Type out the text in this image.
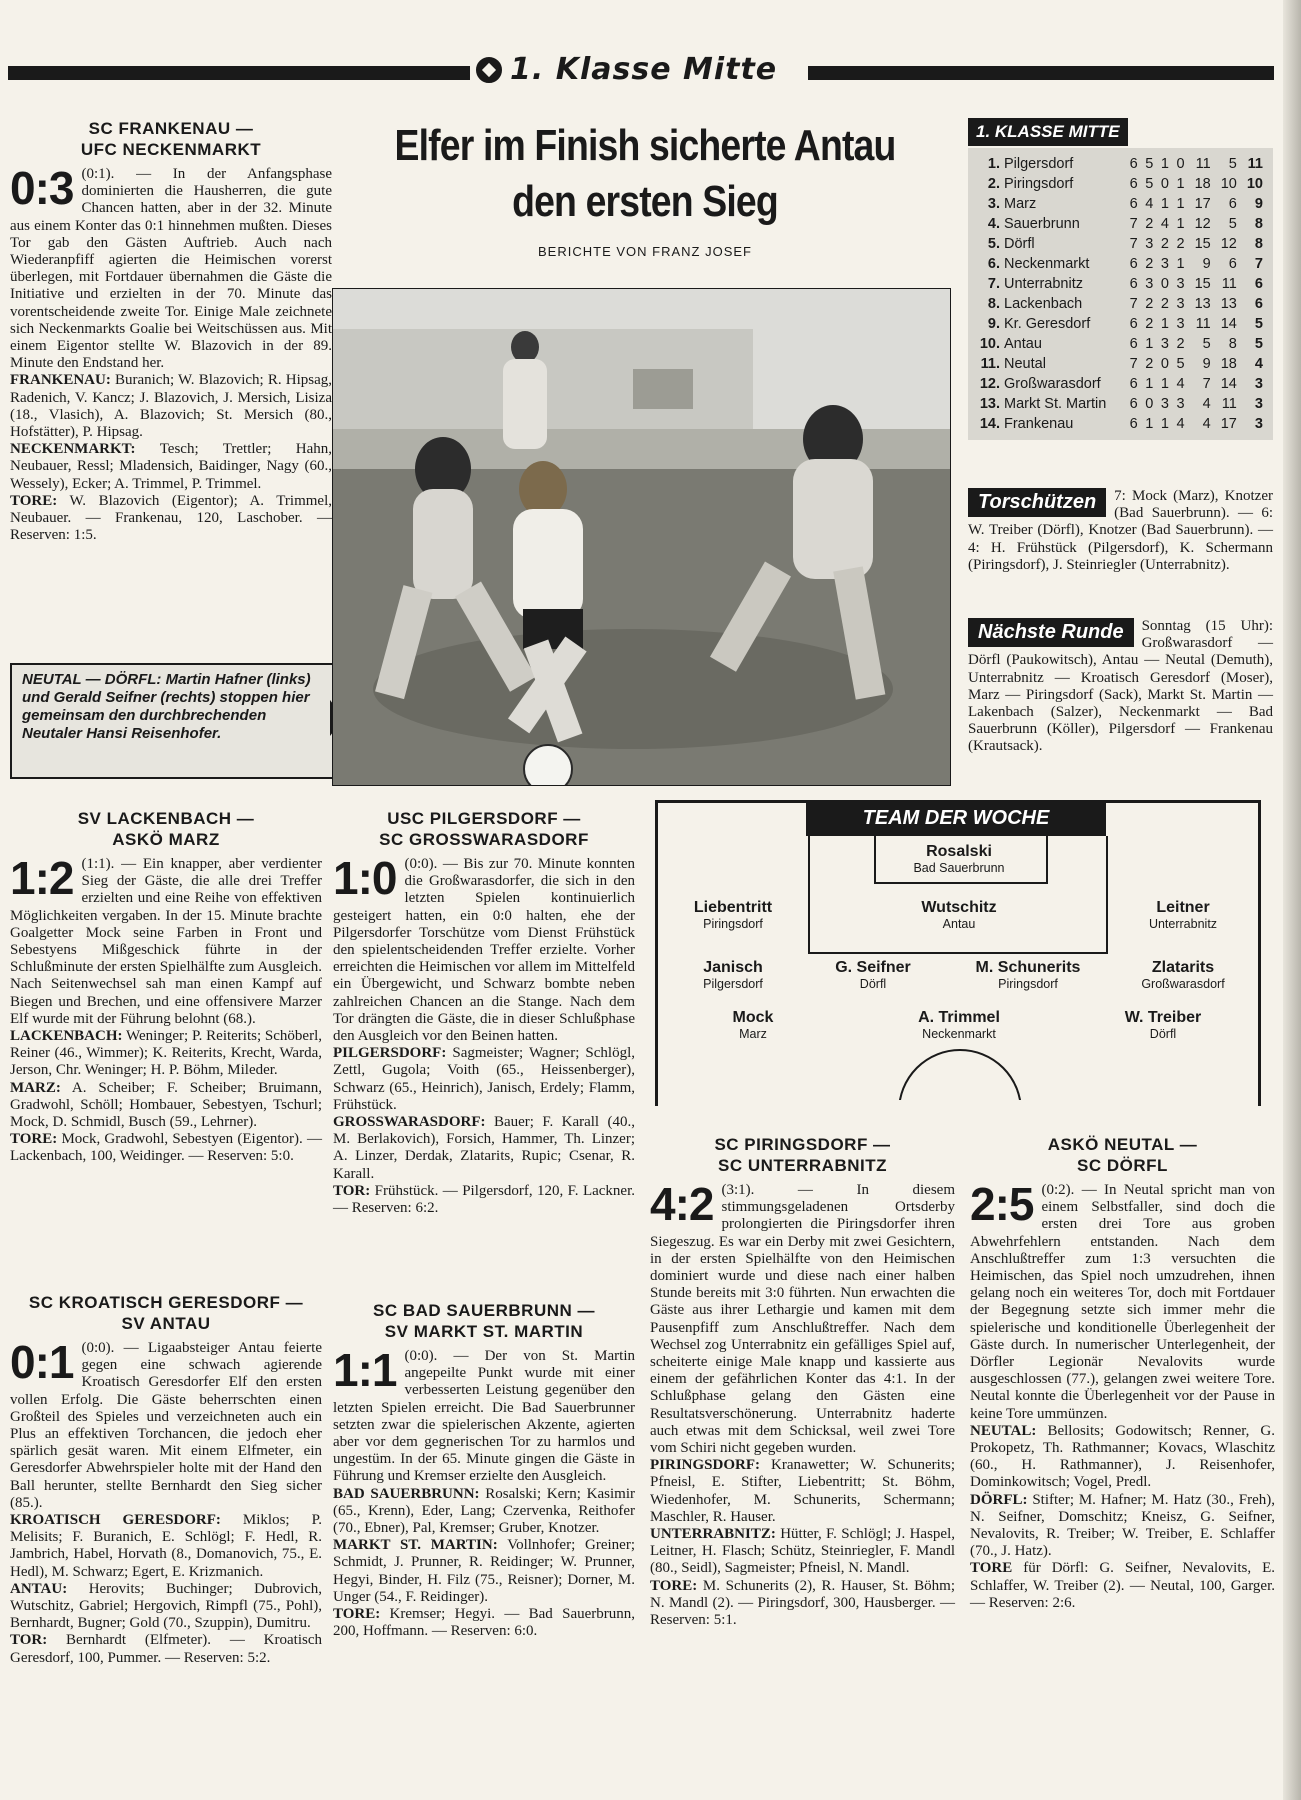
1. Klasse Mitte
SC FRANKENAU —
UFC NECKENMARKT
0:3 (0:1). — In der Anfangsphase dominierten die Hausherren, die gute Chancen hatten, aber in der 32. Minute aus einem Konter das 0:1 hinnehmen mußten. Dieses Tor gab den Gästen Auftrieb. Auch nach Wiederanpfiff agierten die Heimischen vorerst überlegen, mit Fortdauer übernahmen die Gäste die Initiative und erzielten in der 70. Minute das vorentscheidende zweite Tor. Einige Male zeichnete sich Neckenmarkts Goalie bei Weitschüssen aus. Mit einem Eigentor stellte W. Blazovich in der 89. Minute den Endstand her.

FRANKENAU: Buranich; W. Blazovich; R. Hipsag, Radenich, V. Kancz; J. Blazovich, J. Mersich, Lisiza (18., Vlasich), A. Blazovich; St. Mersich (80., Hofstätter), P. Hipsag.

NECKENMARKT: Tesch; Trettler; Hahn, Neubauer, Ressl; Mladensich, Baidinger, Nagy (60., Wessely), Ecker; A. Trimmel, P. Trimmel.

TORE: W. Blazovich (Eigentor); A. Trimmel, Neubauer. — Frankenau, 120, Laschober. — Reserven: 1:5.

NEUTAL — DÖRFL: Martin Hafner (links) und Gerald Seifner (rechts) stoppen hier gemeinsam den durchbrechenden Neutaler Hansi Reisenhofer.
Elfer im Finish sicherte Antau den ersten Sieg
BERICHTE VON FRANZ JOSEF
1. KLASSE MITTE
1.	Pilgersdorf	6	5	1	0	11	5	11
2.	Piringsdorf	6	5	0	1	18	10	10
3.	Marz	6	4	1	1	17	6	9
4.	Sauerbrunn	7	2	4	1	12	5	8
5.	Dörfl	7	3	2	2	15	12	8
6.	Neckenmarkt	6	2	3	1	9	6	7
7.	Unterrabnitz	6	3	0	3	15	11	6
8.	Lackenbach	7	2	2	3	13	13	6
9.	Kr. Geresdorf	6	2	1	3	11	14	5
10.	Antau	6	1	3	2	5	8	5
11.	Neutal	7	2	0	5	9	18	4
12.	Großwarasdorf	6	1	1	4	7	14	3
13.	Markt St. Martin	6	0	3	3	4	11	3
14.	Frankenau	6	1	1	4	4	17	3
Torschützen	7: Mock (Marz), Knotzer (Bad Sauerbrunn). — 6: W. Treiber (Dörfl), Knotzer (Bad Sauerbrunn). — 4: H. Frühstück (Pilgersdorf), K. Schermann (Piringsdorf), J. Steinriegler (Unterrabnitz).

Nächste Runde	Sonntag (15 Uhr): Großwarasdorf — Dörfl (Paukowitsch), Antau — Neutal (Demuth), Unterrabnitz — Kroatisch Geresdorf (Moser), Marz — Piringsdorf (Sack), Markt St. Martin — Lakenbach (Salzer), Neckenmarkt — Bad Sauerbrunn (Köller), Pilgersdorf — Frankenau (Krautsack).

SV LACKENBACH —
ASKÖ MARZ
1:2 (1:1). — Ein knapper, aber verdienter Sieg der Gäste, die alle drei Treffer erzielten und eine Reihe von effektiven Möglichkeiten vergaben. In der 15. Minute brachte Goalgetter Mock seine Farben in Front und Sebestyens Mißgeschick führte in der Schlußminute der ersten Spielhälfte zum Ausgleich. Nach Seitenwechsel sah man einen Kampf auf Biegen und Brechen, und eine offensivere Marzer Elf wurde mit der Führung belohnt (68.).

LACKENBACH: Weninger; P. Reiterits; Schöberl, Reiner (46., Wimmer); K. Reiterits, Krecht, Warda, Jerson, Chr. Weninger; H. P. Böhm, Mileder.

MARZ: A. Scheiber; F. Scheiber; Bruimann, Gradwohl, Schöll; Hombauer, Sebestyen, Tschurl; Mock, D. Schmidl, Busch (59., Lehrner).

TORE: Mock, Gradwohl, Sebestyen (Eigentor). — Lackenbach, 100, Weidinger. — Reserven: 5:0.

SC KROATISCH GERESDORF —
SV ANTAU
0:1 (0:0). — Ligaabsteiger Antau feierte gegen eine schwach agierende Kroatisch Geresdorfer Elf den ersten vollen Erfolg. Die Gäste beherrschten einen Großteil des Spieles und verzeichneten auch ein Plus an effektiven Torchancen, die jedoch eher spärlich gesät waren. Mit einem Elfmeter, ein Geresdorfer Abwehrspieler holte mit der Hand den Ball herunter, stellte Bernhardt den Sieg sicher (85.).

KROATISCH GERESDORF: Miklos; P. Melisits; F. Buranich, E. Schlögl; F. Hedl, R. Jambrich, Habel, Horvath (8., Domanovich, 75., E. Hedl), M. Schwarz; Egert, E. Krizmanich.

ANTAU: Herovits; Buchinger; Dubrovich, Wutschitz, Gabriel; Hergovich, Rimpfl (75., Pohl), Bernhardt, Bugner; Gold (70., Szuppin), Dumitru.

TOR: Bernhardt (Elfmeter). — Kroatisch Geresdorf, 100, Pummer. — Reserven: 5:2.

USC PILGERSDORF —
SC GROSSWARASDORF
1:0 (0:0). — Bis zur 70. Minute konnten die Großwarasdorfer, die sich in den letzten Spielen kontinuierlich gesteigert hatten, ein 0:0 halten, ehe der Pilgersdorfer Torschütze vom Dienst Frühstück den spielentscheidenden Treffer erzielte. Vorher erreichten die Heimischen vor allem im Mittelfeld ein Übergewicht, und Schwarz bombte neben zahlreichen Chancen an die Stange. Nach dem Tor drängten die Gäste, die in dieser Schlußphase den Ausgleich vor den Beinen hatten.

PILGERSDORF: Sagmeister; Wagner; Schlögl, Zettl, Gugola; Voith (65., Heissenberger), Schwarz (65., Heinrich), Janisch, Erdely; Flamm, Frühstück.

GROSSWARASDORF: Bauer; F. Karall (40., M. Berlakovich), Forsich, Hammer, Th. Linzer; A. Linzer, Derdak, Zlatarits, Rupic; Csenar, R. Karall.

TOR: Frühstück. — Pilgersdorf, 120, F. Lackner. — Reserven: 6:2.

SC BAD SAUERBRUNN —
SV MARKT ST. MARTIN
1:1 (0:0). — Der von St. Martin angepeilte Punkt wurde mit einer verbesserten Leistung gegenüber den letzten Spielen erreicht. Die Bad Sauerbrunner setzten zwar die spielerischen Akzente, agierten aber vor dem gegnerischen Tor zu harmlos und ungestüm. In der 65. Minute gingen die Gäste in Führung und Kremser erzielte den Ausgleich.

BAD SAUERBRUNN: Rosalski; Kern; Kasimir (65., Krenn), Eder, Lang; Czervenka, Reithofer (70., Ebner), Pal, Kremser; Gruber, Knotzer.

MARKT ST. MARTIN: Vollnhofer; Greiner; Schmidt, J. Prunner, R. Reidinger; W. Prunner, Hegyi, Binder, H. Filz (75., Reisner); Dorner, M. Unger (54., F. Reidinger).

TORE: Kremser; Hegyi. — Bad Sauerbrunn, 200, Hoffmann. — Reserven: 6:0.

TEAM DER WOCHE
Rosalski
Bad Sauerbrunn
Liebentritt
Piringsdorf
Wutschitz
Antau
Leitner
Unterrabnitz
Janisch
Pilgersdorf
G. Seifner
Dörfl
M. Schunerits
Piringsdorf
Zlatarits
Großwarasdorf
Mock
Marz
A. Trimmel
Neckenmarkt
W. Treiber
Dörfl
SC PIRINGSDORF —
SC UNTERRABNITZ
4:2 (3:1). — In diesem stimmungsgeladenen Ortsderby prolongierten die Piringsdorfer ihren Siegeszug. Es war ein Derby mit zwei Gesichtern, in der ersten Spielhälfte von den Heimischen dominiert wurde und diese nach einer halben Stunde bereits mit 3:0 führten. Nun erwachten die Gäste aus ihrer Lethargie und kamen mit dem Pausenpfiff zum Anschlußtreffer. Nach dem Wechsel zog Unterrabnitz ein gefälliges Spiel auf, scheiterte einige Male knapp und kassierte aus einem der gefährlichen Konter das 4:1. In der Schlußphase gelang den Gästen eine Resultatsverschönerung. Unterrabnitz haderte auch etwas mit dem Schicksal, weil zwei Tore vom Schiri nicht gegeben wurden.

PIRINGSDORF: Kranawetter; W. Schunerits; Pfneisl, E. Stifter, Liebentritt; St. Böhm, Wiedenhofer, M. Schunerits, Schermann; Maschler, R. Hauser.

UNTERRABNITZ: Hütter, F. Schlögl; J. Haspel, Leitner, H. Flasch; Schütz, Steinriegler, F. Mandl (80., Seidl), Sagmeister; Pfneisl, N. Mandl.

TORE: M. Schunerits (2), R. Hauser, St. Böhm; N. Mandl (2). — Piringsdorf, 300, Hausberger. — Reserven: 5:1.

ASKÖ NEUTAL —
SC DÖRFL
2:5 (0:2). — In Neutal spricht man von einem Selbstfaller, sind doch die ersten drei Tore aus groben Abwehrfehlern entstanden. Nach dem Anschlußtreffer zum 1:3 versuchten die Heimischen, das Spiel noch umzudrehen, ihnen gelang noch ein weiteres Tor, doch mit Fortdauer der Begegnung setzte sich immer mehr die spielerische und konditionelle Überlegenheit der Gäste durch. In numerischer Unterlegenheit, der Dörfler Legionär Nevalovits wurde ausgeschlossen (77.), gelangen zwei weitere Tore. Neutal konnte die Überlegenheit vor der Pause in keine Tore ummünzen.

NEUTAL: Bellosits; Godowitsch; Renner, G. Prokopetz, Th. Rathmanner; Kovacs, Wlaschitz (60., H. Rathmanner), J. Reisenhofer, Dominkowitsch; Vogel, Predl.

DÖRFL: Stifter; M. Hafner; M. Hatz (30., Freh), N. Seifner, Domschitz; Kneisz, G. Seifner, Nevalovits, R. Treiber; W. Treiber, E. Schlaffer (70., J. Hatz).

TORE für Dörfl: G. Seifner, Nevalovits, E. Schlaffer, W. Treiber (2). — Neutal, 100, Garger. — Reserven: 2:6.
